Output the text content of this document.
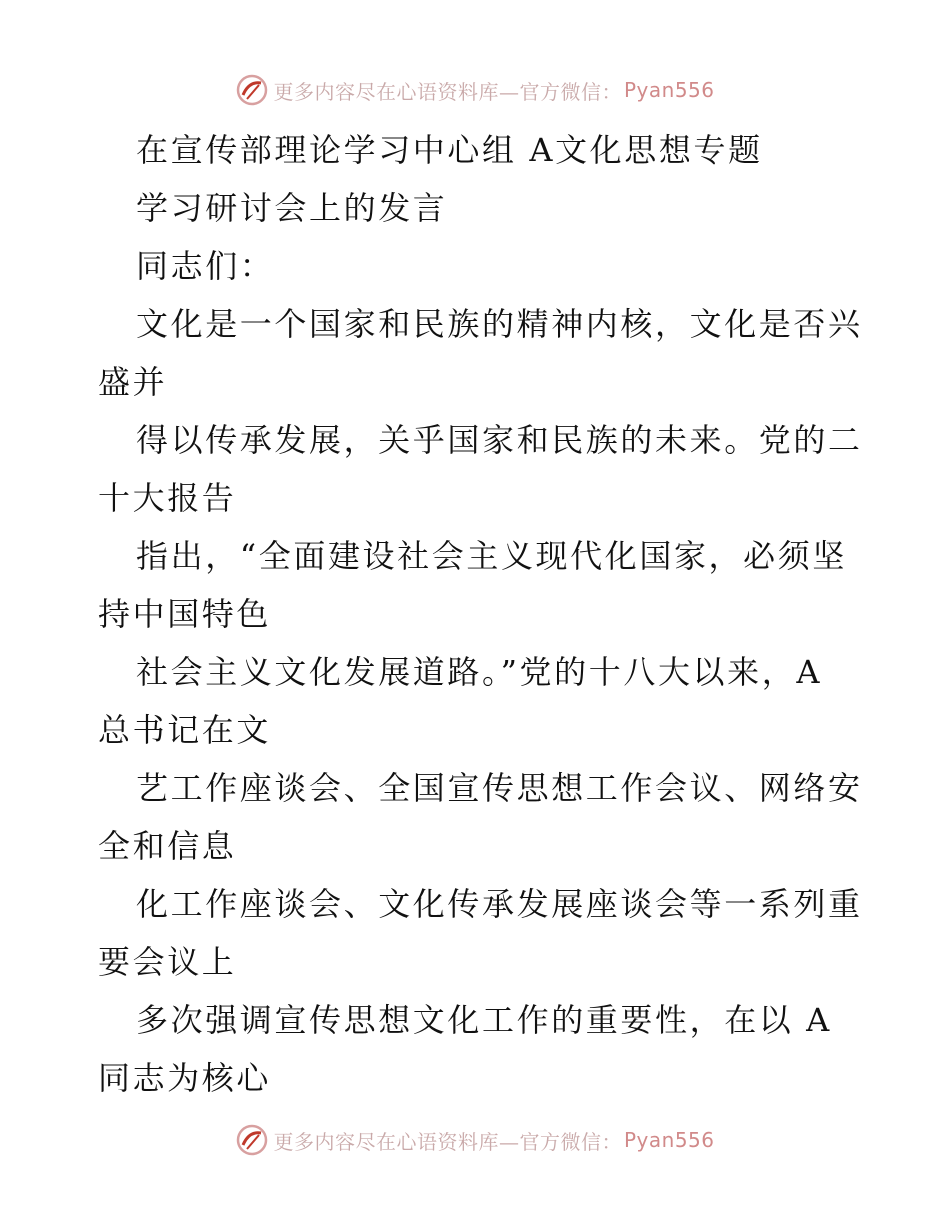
更多内容尽在心语资料库—官方微信： Pyan556
在宣传部理论学习中心组 A文化思想专题
学习研讨会上的发言
同志们：
文化是一个国家和民族的精神内核，文化是否兴
盛并
得以传承发展，关乎国家和民族的未来。党的二
十大报告
指出，“全面建设社会主义现代化国家，必须坚
持中国特色
社会主义文化发展道路。”党的十八大以来，A
总书记在文
艺工作座谈会、全国宣传思想工作会议、网络安
全和信息
化工作座谈会、文化传承发展座谈会等一系列重
要会议上
多次强调宣传思想文化工作的重要性，在以 A
同志为核心
更多内容尽在心语资料库—官方微信： Pyan556
